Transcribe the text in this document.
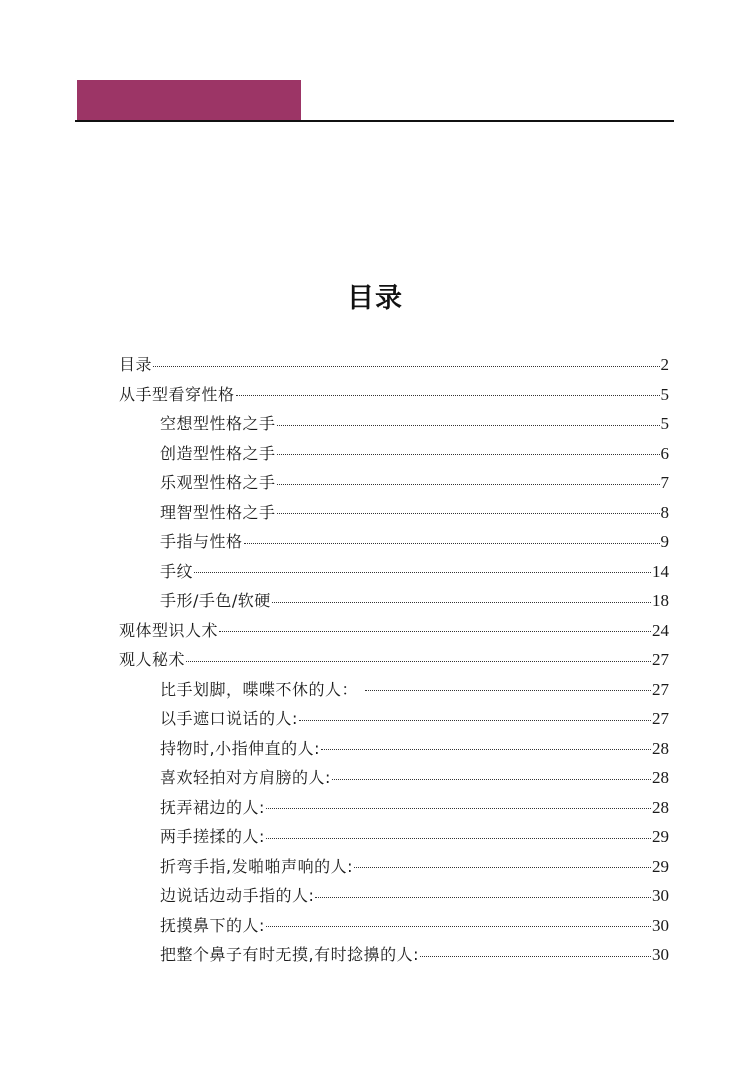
目录
目录	2
从手型看穿性格	5
空想型性格之手	5
创造型性格之手	6
乐观型性格之手	7
理智型性格之手	8
手指与性格	9
手纹	14
手形/手色/软硬	18
观体型识人术	24
观人秘术	27
比手划脚，喋喋不休的人：	27
以手遮口说话的人:	27
持物时,小指伸直的人:	28
喜欢轻拍对方肩膀的人:	28
抚弄裙边的人:	28
两手搓揉的人:	29
折弯手指,发啪啪声响的人:	29
边说话边动手指的人:	30
抚摸鼻下的人:	30
把整个鼻子有时无摸,有时捻擤的人:	30
